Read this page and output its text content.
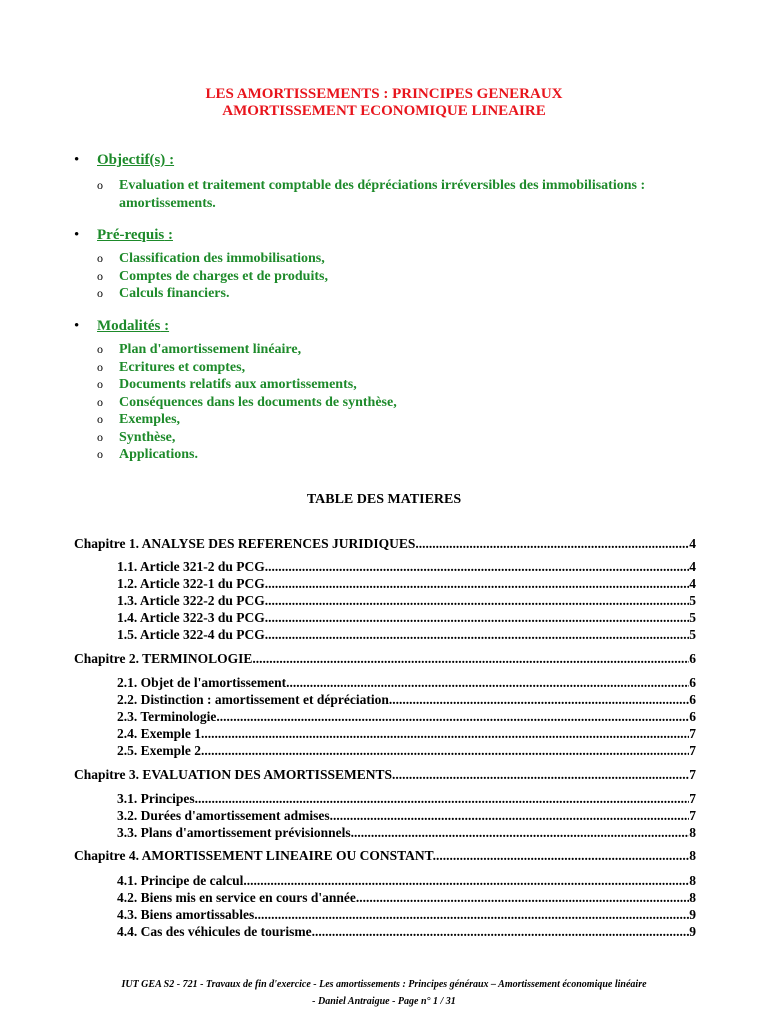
LES AMORTISSEMENTS : PRINCIPES GENERAUX
AMORTISSEMENT ECONOMIQUE LINEAIRE
• Objectif(s) :
o Evaluation et traitement comptable des dépréciations irréversibles des immobilisations : amortissements.
• Pré-requis :
o Classification des immobilisations,
o Comptes de charges et de produits,
o Calculs financiers.
• Modalités :
o Plan d'amortissement linéaire,
o Ecritures et comptes,
o Documents relatifs aux amortissements,
o Conséquences dans les documents de synthèse,
o Exemples,
o Synthèse,
o Applications.
TABLE DES MATIERES
Chapitre 1. ANALYSE DES REFERENCES JURIDIQUES. .....	4
1.1. Article 321-2 du PCG. .....	4
1.2. Article 322-1 du PCG. .....	4
1.3. Article 322-2 du PCG. .....	5
1.4. Article 322-3 du PCG. .....	5
1.5. Article 322-4 du PCG. .....	5
Chapitre 2. TERMINOLOGIE .....	6
2.1. Objet de l'amortissement. .....	6
2.2. Distinction : amortissement et dépréciation. .....	6
2.3. Terminologie. .....	6
2.4. Exemple 1. .....	7
2.5. Exemple 2. .....	7
Chapitre 3. EVALUATION DES AMORTISSEMENTS. .....	7
3.1. Principes. .....	7
3.2. Durées d'amortissement admises. .....	7
3.3. Plans d'amortissement prévisionnels. .....	8
Chapitre 4. AMORTISSEMENT LINEAIRE OU CONSTANT. .....	8
4.1. Principe de calcul. .....	8
4.2. Biens mis en service en cours d'année. .....	8
4.3. Biens amortissables. .....	9
4.4. Cas des véhicules de tourisme. .....	9
IUT GEA S2 - 721 - Travaux de fin d'exercice - Les amortissements : Principes généraux – Amortissement économique linéaire
- Daniel Antraigue - Page n° 1 / 31
